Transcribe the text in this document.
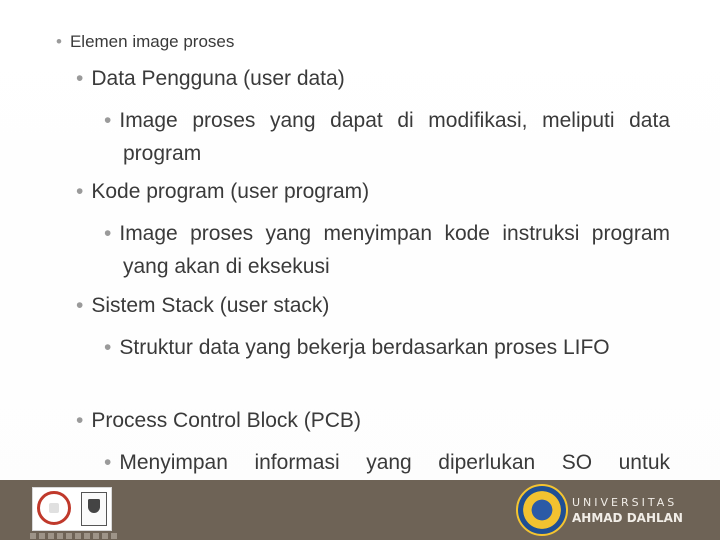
• Elemen image proses
• Data Pengguna (user data)
• Image proses yang dapat di modifikasi, meliputi data program
• Kode program (user program)
• Image proses yang menyimpan kode instruksi program yang akan di eksekusi
• Sistem Stack (user stack)
• Struktur data yang bekerja berdasarkan proses LIFO
• Process Control Block (PCB)
• Menyimpan informasi yang diperlukan SO untuk
UNIVERSITAS
AHMAD DAHLAN
